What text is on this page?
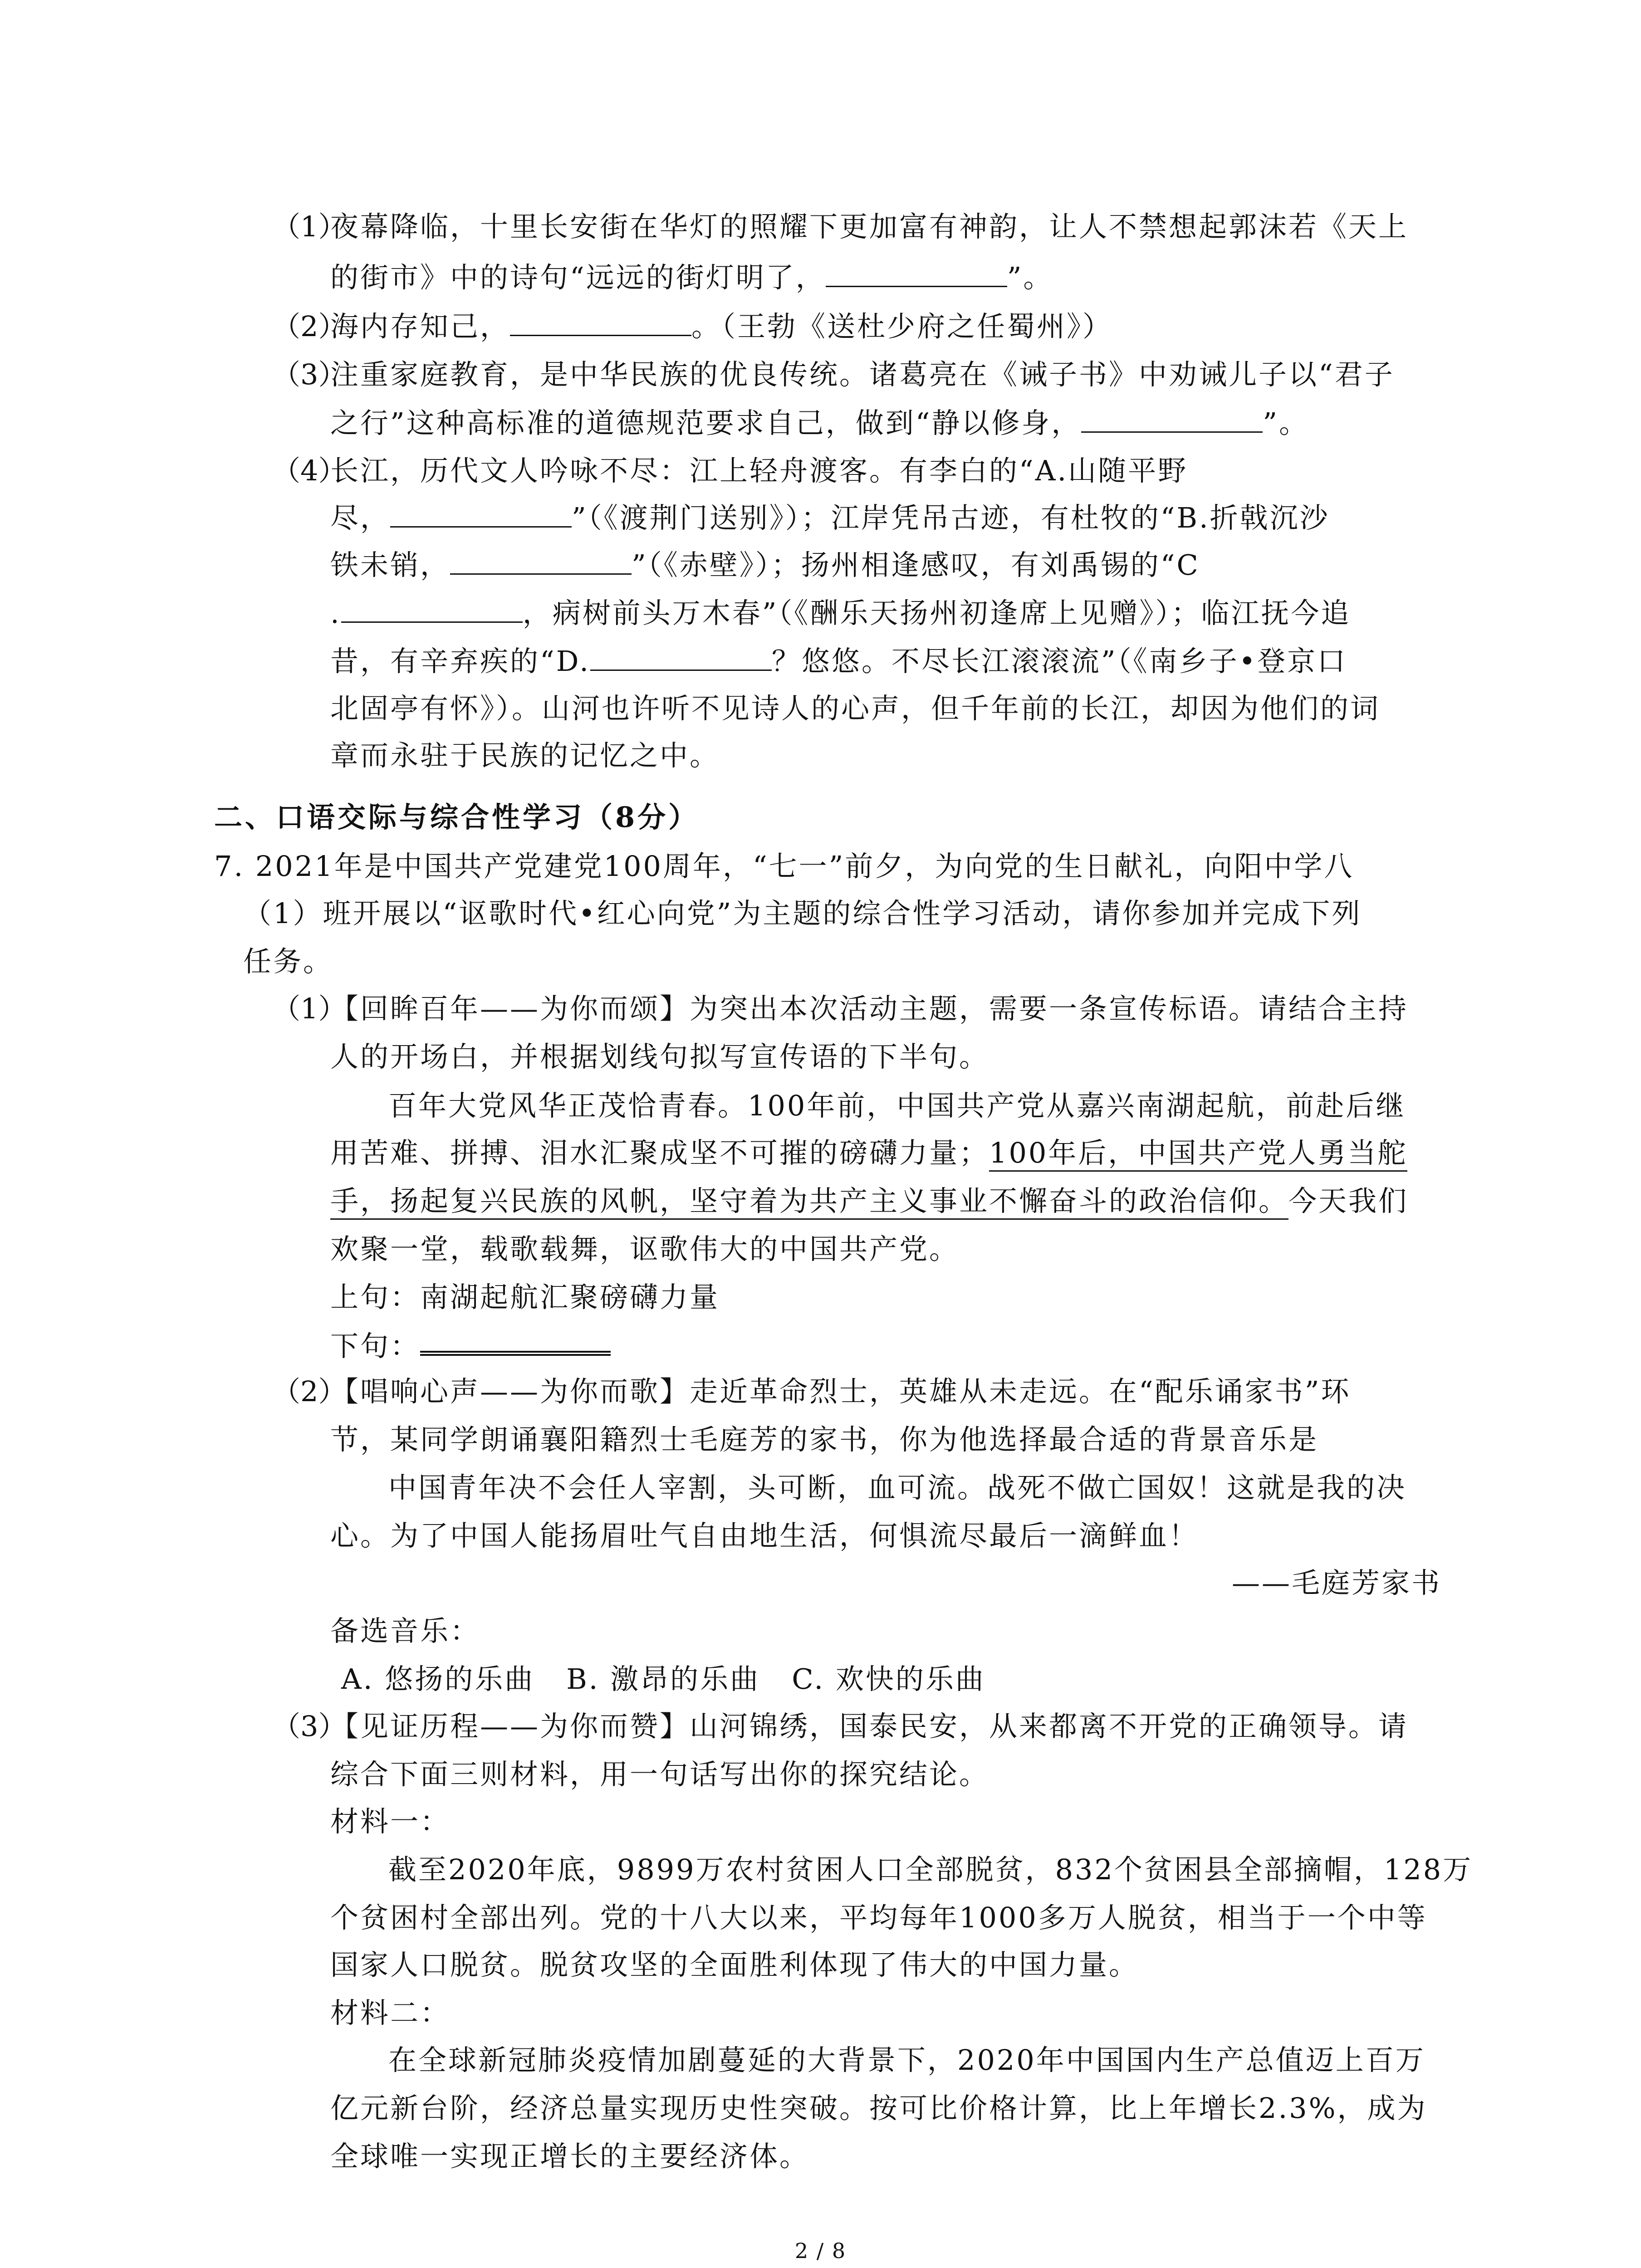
（1）夜幕降临，十里长安街在华灯的照耀下更加富有神韵，让人不禁想起郭沫若《天上
的街市》中的诗句“远远的街灯明了，	”。
（2）海内存知己，	。（王勃《送杜少府之任蜀州》）
（3）注重家庭教育，是中华民族的优良传统。诸葛亮在《诫子书》中劝诫儿子以“君子
之行”这种高标准的道德规范要求自己，做到“静以修身，	”。
（4）长江，历代文人吟咏不尽：江上轻舟渡客。有李白的“A.山随平野
尽，	”（《渡荆门送别》）；江岸凭吊古迹，有杜牧的“B.折戟沉沙
铁未销，	”（《赤壁》）；扬州相逢感叹，有刘禹锡的“C
.	，病树前头万木春”（《酬乐天扬州初逢席上见赠》）；临江抚今追
昔，有辛弃疾的“D.	？悠悠。不尽长江滚滚流”（《南乡子•登京口
北固亭有怀》）。山河也许听不见诗人的心声，但千年前的长江，却因为他们的词
章而永驻于民族的记忆之中。
二、口语交际与综合性学习（8分）
7. 2021年是中国共产党建党100周年，“七一”前夕，为向党的生日献礼，向阳中学八
（1）班开展以“讴歌时代•红心向党”为主题的综合性学习活动，请你参加并完成下列
任务。
（1）【回眸百年——为你而颂】为突出本次活动主题，需要一条宣传标语。请结合主持
人的开场白，并根据划线句拟写宣传语的下半句。
百年大党风华正茂恰青春。100年前，中国共产党从嘉兴南湖起航，前赴后继
用苦难、拼搏、泪水汇聚成坚不可摧的磅礴力量；100年后，中国共产党人勇当舵
手，扬起复兴民族的风帆，坚守着为共产主义事业不懈奋斗的政治信仰。今天我们
欢聚一堂，载歌载舞，讴歌伟大的中国共产党。
上句：南湖起航汇聚磅礴力量
下句：
（2）【唱响心声——为你而歌】走近革命烈士，英雄从未走远。在“配乐诵家书”环
节，某同学朗诵襄阳籍烈士毛庭芳的家书，你为他选择最合适的背景音乐是
中国青年决不会任人宰割，头可断，血可流。战死不做亡国奴！这就是我的决
心。为了中国人能扬眉吐气自由地生活，何惧流尽最后一滴鲜血！
——毛庭芳家书
备选音乐：
A. 悠扬的乐曲 B. 激昂的乐曲 C. 欢快的乐曲
（3）【见证历程——为你而赞】山河锦绣，国泰民安，从来都离不开党的正确领导。请
综合下面三则材料，用一句话写出你的探究结论。
材料一：
截至2020年底，9899万农村贫困人口全部脱贫，832个贫困县全部摘帽，128万
个贫困村全部出列。党的十八大以来，平均每年1000多万人脱贫，相当于一个中等
国家人口脱贫。脱贫攻坚的全面胜利体现了伟大的中国力量。
材料二：
在全球新冠肺炎疫情加剧蔓延的大背景下，2020年中国国内生产总值迈上百万
亿元新台阶，经济总量实现历史性突破。按可比价格计算，比上年增长2.3%，成为
全球唯一实现正增长的主要经济体。
2 / 8
